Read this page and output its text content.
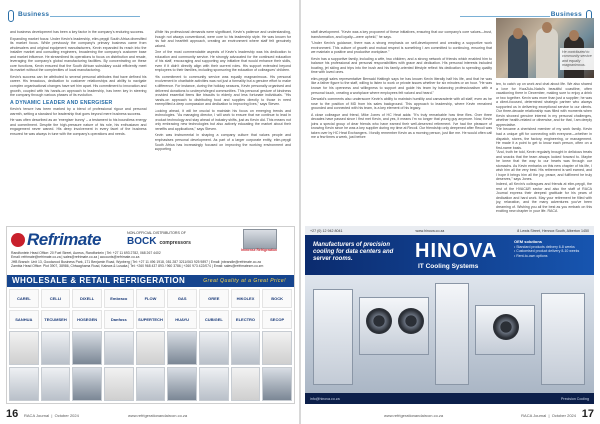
Business

and business development has been a key factor in the company's enduring success.

Expanding market focus: Under Kevin's leadership, elim-pepgii South Africa diversified its market focus. While previously the company's primary business came from wholesalers and original equipment manufacturers, Kevin expanded its reach into the installer market and consulting engineers, broadening the company's customer base and market influence. He streamlined its operations to focus on distribution and resale, leveraging the company's global manufacturing facilities. By concentrating on these core functions, Kevin ensured that the South African subsidiary could efficiently meet its market without the complexities of local manufacturing.

Kevin's success can be attributed to several personal attributes that have defined his career. His tenacious, dedication to customer relationships and ability to navigate complex organisational changes have set him apart. His commitment to innovation and growth, coupled with his hands-on approach to leadership, has been key in steering the company through various phases of its evolution.

A DYNAMIC LEADER AND ENERGISER

Kevin's tenure has been marked by a blend of professional rigour and personal warmth, setting a standard for leadership that goes beyond mere business success.

He was often described as an 'energiser bunny' – a testament to his boundless energy and commitment. Despite the high-pressure nature of his role, his enthusiasm and engagement never waned. His deep involvement in every facet of the business ensured he was always in tune with the company's operations and needs.

While his professional demands were significant, Kevin's patience and understanding, though not always conventional, were core to his leadership style. He was known for his fair and heartfelt approach, creating an environment where staff felt genuinely valued.

One of the most commendable aspects of Kevin's leadership was his dedication to education and community service. He strongly advocated for the continued education of his staff, encouraging and supporting any initiative that would enhance their skills, even if it didn't directly align with their current roles. His support extended beyond employees to their families, including sponsoring the education of colleagues' children.

His commitment to community service was equally magnanimous. His personal involvement in charitable activities was not just a formality but a genuine effort to make a difference. For instance, during the holiday seasons, Kevin personally organised and delivered donations to underprivileged communities. This personal gesture of kindness provided essential items like biscuits to elderly and less fortunate individuals. "His hands-on approach to distributing food and supplies directly to those in need exemplified a deep compassion and dedication to improving lives," says Steven.

Looking ahead, it will be crucial to maintain his focus on emerging trends and technologies. "As managing director, I will work to ensure that we continue to lead in product technology and stay ahead of industry shifts, just as Kevin did. This means not only embracing new technologies but also actively educating the market about their benefits and applications," says Steven.

Kevin was instrumental in shaping a company culture that values people and emphasises personal development. As part of a larger corporate entity, elim-pepgii South Africa has increasingly focused on improving the working environment and supporting

Refrimate	NON-OFFICIAL DISTRIBUTORS OF
BOCK compressors
Immense Refrigeration
Randfontein Head Office: 20 Fuel Street, Aureus, Randfontein | Tel: +27 11 693 2782, 068 267 4402
Email: refrimate@refrimate.co.za | sales@refrimate.co.za | accounts@refrimate.co.za
JHB Branch: Unit 13, Goodwood Business Park, 171 Benjamin Road, Wynberg | Tel: +27 11 496 1918, 081 287 3211/063 925 9897 | Email: jnbrandle@refrimate.co.za
Zambia Head Office: Plot 3907, 38986, Chiwaghama Road, Kalewa & Lusaka | Tel: +260 968 437 893 / 960 3786 | +260 973 422/074 | Email: sales@refrimatezm.co.zm
WHOLESALE & RETAIL REFRIGERATION	Great Quality at a Great Price!
CAREL	CELLI	DIXELL	Embraco	FLOW	GAS	GREE	HIKOLEX	BOCK
SANHUA	TECUMSEH	HOSEGEN	Danfoss	SUPERTECH	HUAYU	CUBIGEL	ELECTRO	SECOP
16 RACA Journal  |  October 2024	www.refrigerationandaircon.co.za
Business

staff development. "Kevin was a key proponent of these initiatives, ensuring that our company's core values—trust, transformation, and loyalty—were upheld," he says.

"Under Kevin's guidance, there was a strong emphasis on self-development and creating a supportive work environment. This culture of growth and mutual respect is something I am committed to continuing, ensuring that we maintain a positive and productive workplace."

Kevin has a supportive family, including a wife, two children, and a strong network of friends which enabled him to balance his professional and personal responsibilities with grace and dedication. His personal interests included boating, jet skiing and trips into the bush and his family-oriented lifestyle reflect his dedication to spending quality time with loved ones.

elim-pepgii sales representative Berwald Hattingh says he has known Kevin literally half his life, and that he was like a father figure to the staff, willing to listen to work or private issues whether for six minutes or an hour. "He was known for his openness and willingness to support and guide his team by balancing professionalism with a personal touch, creating a workplace where employees felt valued and heard."

Derwald's comments also underscore Kevin's ability to maintain humility and camaraderie with all staff, even as he rose to the position of MD from his sales background. This approach to leadership, where Kevin remained grounded and connected with his team, is a key element of his legacy.

A close colleague and friend, Mike Jones of HC Heat adds: "It's truly remarkable how time flies. Over three decades have passed since I first met Kevin, and yes, it means I'm no longer that young guy anymore. Now, Kevin joins a special group of dear friends who have earned their well-deserved retirement. I've had the pleasure of knowing Kevin since he was a key supplier during my time at Recoil. Our friendship only deepened after Recoil was taken over by HC Heat Exchangers. I fondly remember Kevin as a morning person, just like me. He would often call me a few times a week, just before

He contributed to community service and equally magnanimous.

ten, to catch up on work and chat about life. We also shared a love for KwaZulu-Natal's beautiful coastline, often vacationing there in December, making sure to enjoy a drink or two together. Kevin was more than just a supplier; he was a client-focused, determined strategic partner who always supported us in delivering exceptional service to our clients. Our three-decade relationship was filled with moments when Kevin showed genuine interest in my personal challenges, whether health-related or otherwise, and for that, I am deeply appreciative.

"He became a cherished member of my work family. Kevin had a unique gift for connecting with everyone—whether in dispatch, stores, the factory, engineering, or management. He made it a point to get to know each person, often on a first-name basis.

"And, truth be told, Kevin regularly brought in delicious treats and snacks that the team always looked forward to. Maybe he knew that the way to our hearts was through our stomachs. As Kevin embarks on this new chapter of his life, I wish him all the very best. His retirement is well earned, and I hope it brings him all the joy, peace, and fulfilment he truly deserves," says Jones.

Indeed, all Kevin's colleagues and friends at elim-pepgii, the rest of the HVAC&R sector and also the staff of RACA Journal express their deepest gratitude for his years of dedication and hard work. May your retirement be filled with joy, relaxation, and the many adventures you've been dreaming of. Wishing you all the best as you embark on this exciting new chapter in your life. RACA

+27 (0) 12 942 8041	www.hinova.co.za	8 Lewis Street, Hennox South, Alberton 1450
Manufacturers of precision cooling for data centers and server rooms.	HINOVA
IT Cooling Systems
OEM solutions
• Standard products delivery 6-8 weeks
• Customised product delivery 8-10 weeks
• Rent-to-own options
info@hinova.co.za	Precision Cooling
www.refrigerationandaircon.co.za	RACA Journal  |  October 2024 17
